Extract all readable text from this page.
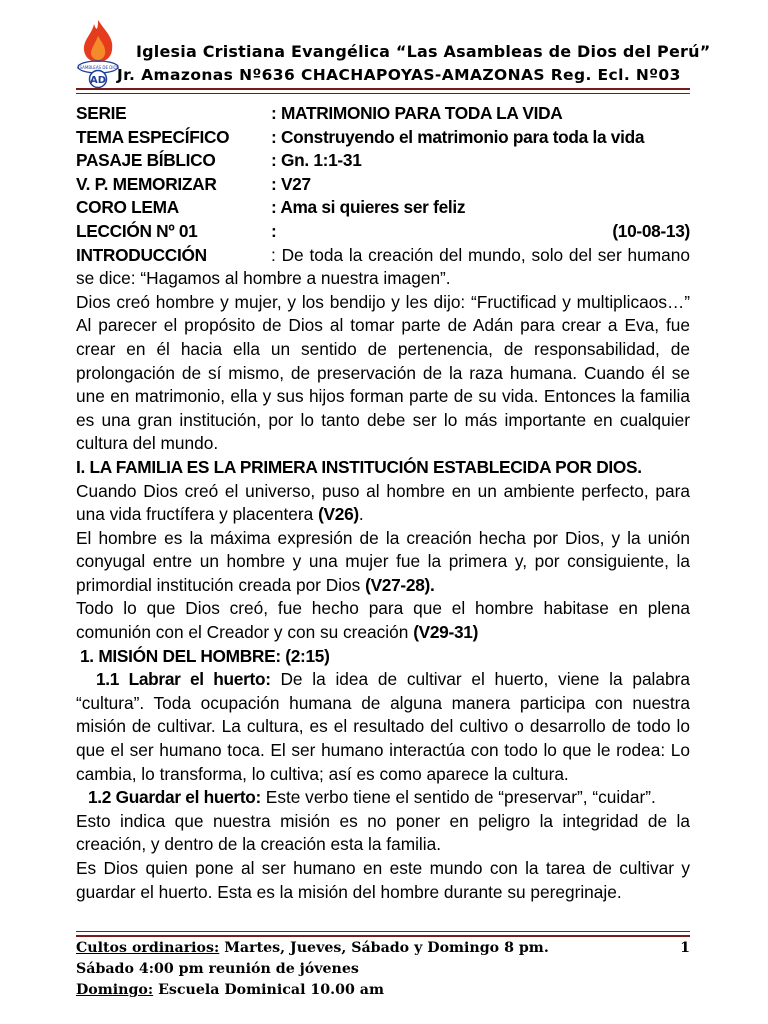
ASAMBLEAS DE DIOS
AD
Iglesia Cristiana Evangélica “Las Asambleas de Dios del Perú”
Jr. Amazonas Nº636 CHACHAPOYAS-AMAZONAS Reg. Ecl. Nº03
SERIE	: MATRIMONIO PARA TODA LA VIDA
TEMA ESPECÍFICO	: Construyendo el matrimonio para toda la vida
PASAJE BÍBLICO	: Gn. 1:1-31
V. P. MEMORIZAR	: V27
CORO LEMA	: Ama si quieres ser feliz
LECCIÓN Nº 01	:	(10-08-13)

INTRODUCCIÓN	: De toda la creación del mundo, solo del ser humano se dice: “Hagamos al hombre a nuestra imagen”.

Dios creó hombre y mujer, y los bendijo y les dijo: “Fructificad y multiplicaos…” Al parecer el propósito de Dios al tomar parte de Adán para crear a Eva, fue crear en él hacia ella un sentido de pertenencia, de responsabilidad, de prolongación de sí mismo, de preservación de la raza humana. Cuando él se une en matrimonio, ella y sus hijos forman parte de su vida. Entonces la familia es una gran institución, por lo tanto debe ser lo más importante en cualquier cultura del mundo.

I. LA FAMILIA ES LA PRIMERA INSTITUCIÓN ESTABLECIDA POR DIOS.

Cuando Dios creó el universo, puso al hombre en un ambiente perfecto, para una vida fructífera y placentera (V26).

El hombre es la máxima expresión de la creación hecha por Dios, y la unión conyugal entre un hombre y una mujer fue la primera y, por consiguiente, la primordial institución creada por Dios (V27-28).

Todo lo que Dios creó, fue hecho para que el hombre habitase en plena comunión con el Creador y con su creación (V29-31)

1. MISIÓN DEL HOMBRE: (2:15)

1.1 Labrar el huerto: De la idea de cultivar el huerto, viene la palabra “cultura”. Toda ocupación humana de alguna manera participa con nuestra misión de cultivar. La cultura, es el resultado del cultivo o desarrollo de todo lo que el ser humano toca. El ser humano interactúa con todo lo que le rodea: Lo cambia, lo transforma, lo cultiva; así es como aparece la cultura.

1.2 Guardar el huerto: Este verbo tiene el sentido de “preservar”, “cuidar”.

Esto indica que nuestra misión es no poner en peligro la integridad de la creación, y dentro de la creación esta la familia.

Es Dios quien pone al ser humano en este mundo con la tarea de cultivar y guardar el huerto. Esta es la misión del hombre durante su peregrinaje.

Cultos ordinarios: Martes, Jueves, Sábado y Domingo 8 pm.	1
Sábado 4:00 pm reunión de jóvenes
Domingo: Escuela Dominical 10.00 am
